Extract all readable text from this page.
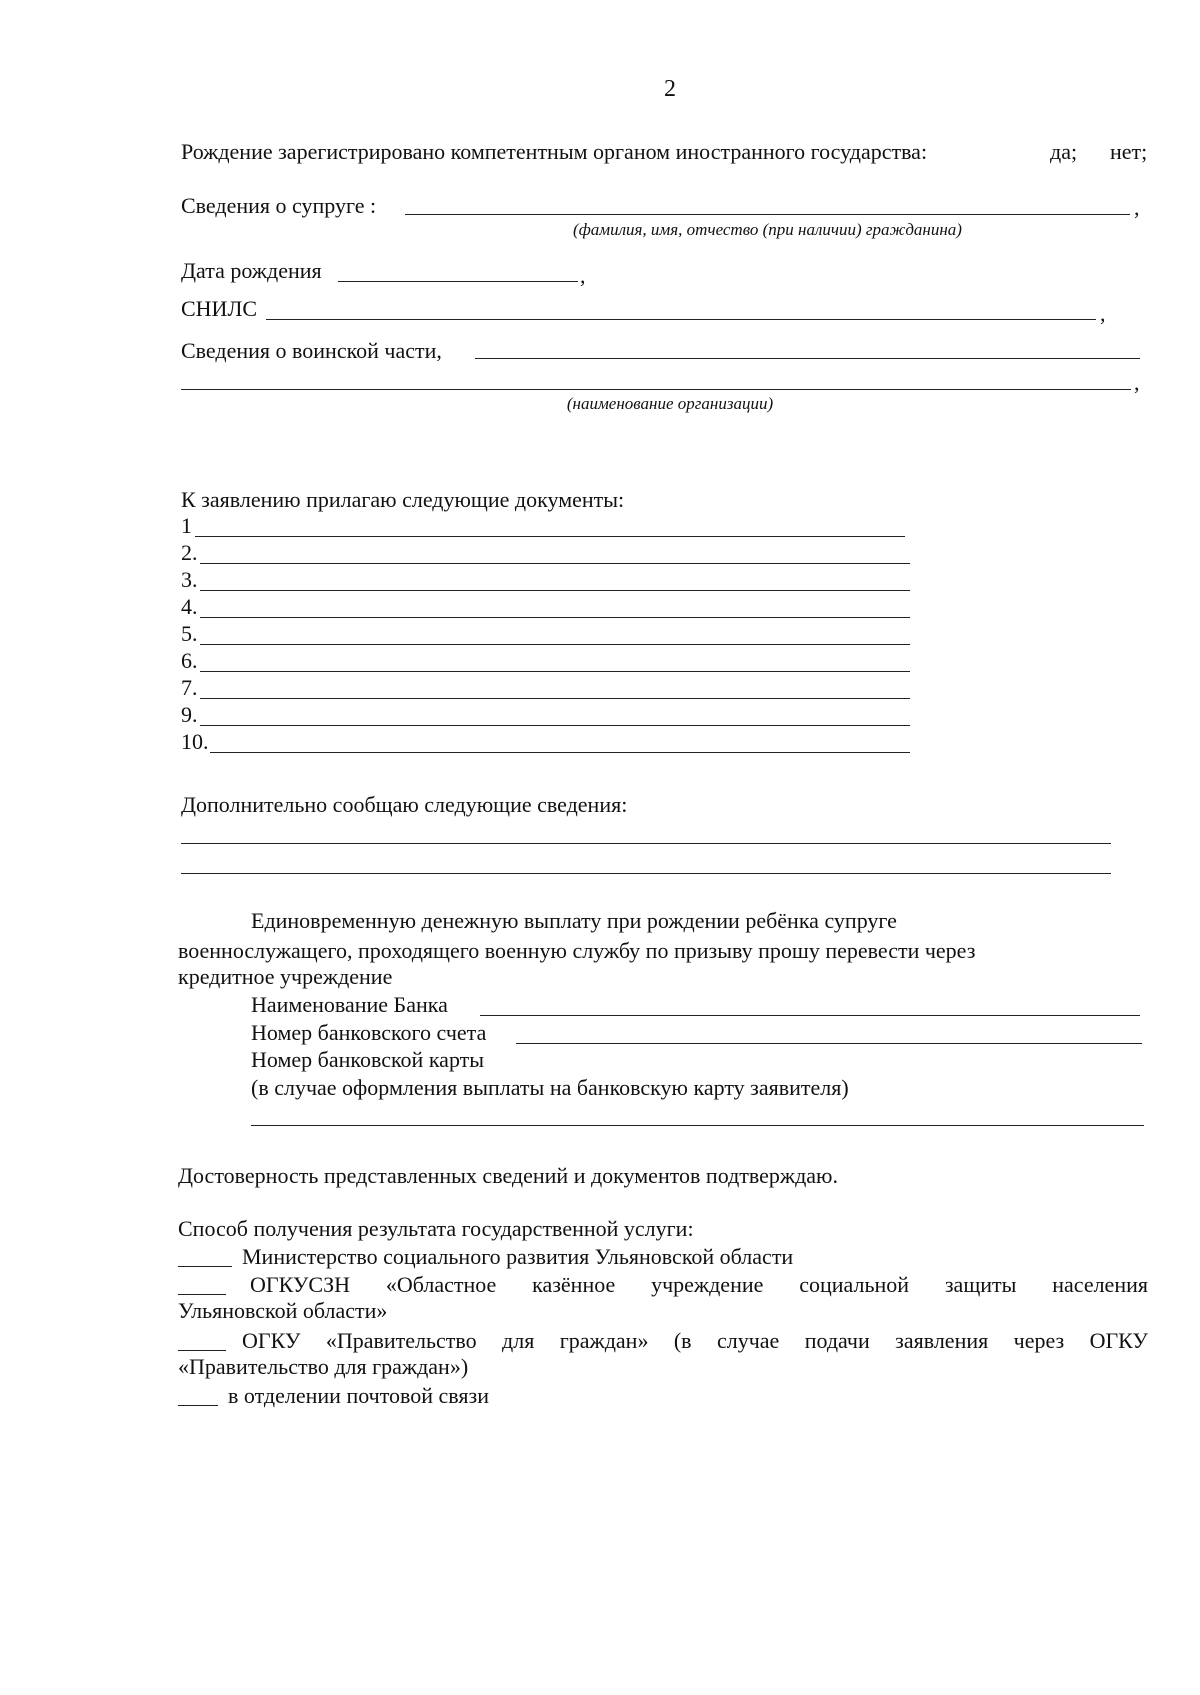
2
Рождение зарегистрировано компетентным органом иностранного государства:	да; нет;
Сведения о супруге :	,
(фамилия, имя, отчество (при наличии) гражданина)
Дата рождения	,
СНИЛС	,
Сведения о воинской части,
,
(наименование организации)
К заявлению прилагаю следующие документы:
1
2.
3.
4.
5.
6.
7.
9.
10.
Дополнительно сообщаю следующие сведения:
Единовременную денежную выплату при рождении ребёнка супруге
военнослужащего, проходящего военную службу по призыву прошу перевести через
кредитное учреждение
Наименование Банка
Номер банковского счета
Номер банковской карты
(в случае оформления выплаты на банковскую карту заявителя)
Достоверность представленных сведений и документов подтверждаю.
Способ получения результата государственной услуги:
Министерство социального развития Ульяновской области
ОГКУСЗН «Областное казённое учреждение социальной защиты населения
Ульяновской области»
ОГКУ «Правительство для граждан» (в случае подачи заявления через ОГКУ
«Правительство для граждан»)
в отделении почтовой связи
